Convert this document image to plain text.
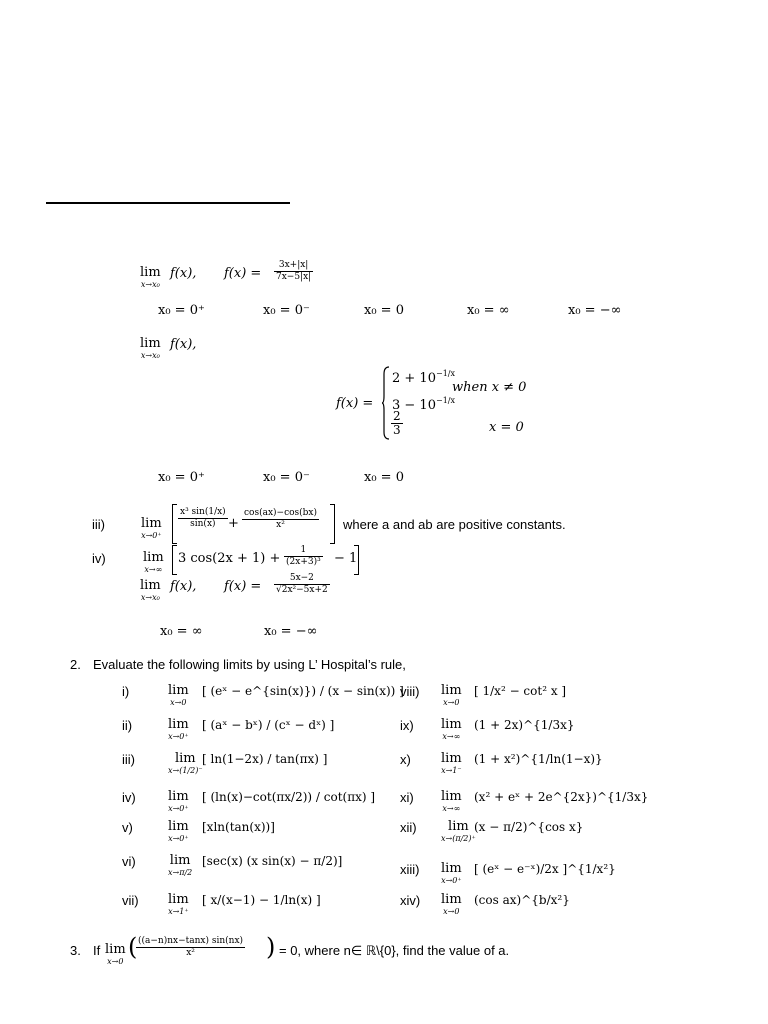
lim
x→x₀
f(x), $f(x) = \frac{3x+|x|}{7x-5|x|}$
x₀ = 0⁺	x₀ = 0⁻	x₀ = 0	x₀ = ∞	x₀ = −∞
lim
x→x₀
f(x),
f(x) =
$2 + 10^{-1/x}$
when x ≠ 0
$3 - 10^{-1/x}$
$\frac{2}{3}$	x = 0
x₀ = 0⁺	x₀ = 0⁻	x₀ = 0
iii)	lim
x→0⁺
$\frac{\text{x³ sin(1/x)}}{\sin(x)} + \frac{\cos(ax)-\cos(bx)}{\text{x²}}$ where a and ab are positive constants.
iv)	lim
x→∞
3 $\cos(2x + 1) + \frac{1}{\text{(2x+3)³}} - 1$
lim
x→x₀
f(x), $f(x) = \frac{5x-2}{\text{√2x²−5x+2}}$
x₀ = ∞	x₀ = −∞
2. Evaluate the following limits by using L’ Hospital’s rule,
i)	lim
x→0
[ (eˣ − e^{sin(x)}) / (x − sin(x)) ]
ii)	lim
x→0⁺
[ (aˣ − bˣ) / (cˣ − dˣ) ]
iii)	lim
x→(1/2)⁻
[ ln(1−2x) / tan(πx) ]
iv) lim
x→0⁺
[ (ln(x)−cot(πx/2)) / cot(πx) ]
v)	lim
x→0⁺
[xln(tan(x))]
vi)	lim
x→π/2
[sec(x) (x sin(x) − π/2)]
vii) lim
x→1⁺
[ x/(x−1) − 1/ln(x) ]
viii) lim
x→0
[ 1/x² − cot² x ]
ix) lim
x→∞
(1 + 2x)^{1/3x}
x) lim
x→1⁻
(1 + x²)^{1/ln(1−x)}
xi) lim
x→∞
(x² + eˣ + 2e^{2x})^{1/3x}
xii)	lim
x→(π/2)⁺
(x − π/2)^{cos x}
xiii) lim
x→0⁺
[ (eˣ − e⁻ˣ)/2x ]^{1/x²}
xiv) lim
x→0
(cos ax)^{b/x²}
3. If lim
x→0
(
$\frac{((a-n)nx-\tan x) \sin(nx)}{\text{x²}}$ ) = 0, where n∈ ℝ\{0}, find the value of a.
